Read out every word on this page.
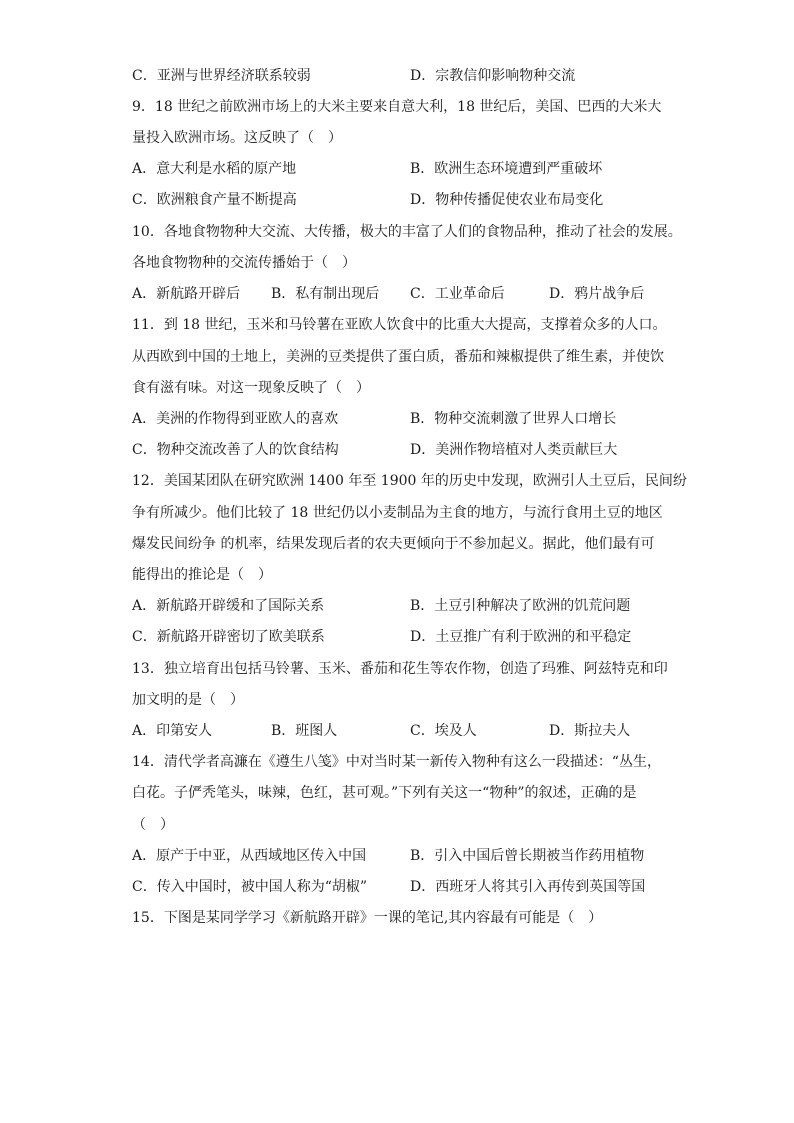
C．亚洲与世界经济联系较弱	D．宗教信仰影响物种交流
9．18 世纪之前欧洲市场上的大米主要来自意大利，18 世纪后，美国、巴西的大米大
量投入欧洲市场。这反映了（　）
A．意大利是水稻的原产地	B．欧洲生态环境遭到严重破坏
C．欧洲粮食产量不断提高	D．物种传播促使农业布局变化
10．各地食物物种大交流、大传播，极大的丰富了人们的食物品种，推动了社会的发展。
各地食物物种的交流传播始于（　）
A．新航路开辟后 B．私有制出现后 C．工业革命后	D．鸦片战争后
11．到 18 世纪，玉米和马铃薯在亚欧人饮食中的比重大大提高，支撑着众多的人口。
从西欧到中国的土地上，美洲的豆类提供了蛋白质，番茄和辣椒提供了维生素，并使饮
食有滋有味。对这一现象反映了（　）
A．美洲的作物得到亚欧人的喜欢	B．物种交流刺激了世界人口增长
C．物种交流改善了人的饮食结构	D．美洲作物培植对人类贡献巨大
12．美国某团队在研究欧洲 1400 年至 1900 年的历史中发现，欧洲引人土豆后，民间纷
争有所减少。他们比较了 18 世纪仍以小麦制品为主食的地方，与流行食用土豆的地区
爆发民间纷争 的机率，结果发现后者的农夫更倾向于不参加起义。据此，他们最有可
能得出的推论是（　）
A．新航路开辟缓和了国际关系	B．土豆引种解决了欧洲的饥荒问题
C．新航路开辟密切了欧美联系	D．土豆推广有利于欧洲的和平稳定
13．独立培育出包括马铃薯、玉米、番茄和花生等农作物，创造了玛雅、阿兹特克和印
加文明的是（　）
A．印第安人	B．班图人	C．埃及人	D．斯拉夫人
14．清代学者高濂在《遵生八笺》中对当时某一新传入物种有这么一段描述：“丛生，
白花。子俨秃笔头，味辣，色红，甚可观。”下列有关这一“物种”的叙述，正确的是
（　）
A．原产于中亚，从西域地区传入中国	B．引入中国后曾长期被当作药用植物
C．传入中国时，被中国人称为“胡椒”	D．西班牙人将其引入再传到英国等国
15．下图是某同学学习《新航路开辟》一课的笔记,其内容最有可能是（　）
